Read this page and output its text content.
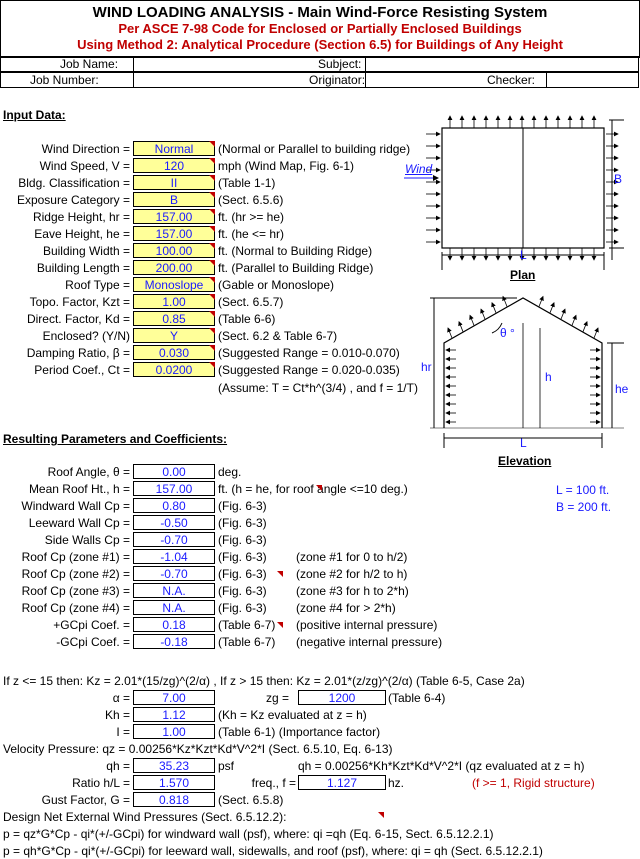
WIND LOADING ANALYSIS - Main Wind-Force Resisting System
Per ASCE 7-98 Code for Enclosed or Partially Enclosed Buildings
Using Method 2: Analytical Procedure (Section 6.5) for Buildings of Any Height
Job Name:	Subject:
Job Number:	Originator:	Checker:
Input Data:
Wind Direction =	Normal	(Normal or Parallel to building ridge)
Wind Speed, V =	120	mph (Wind Map, Fig. 6-1)
Bldg. Classification =	II	(Table 1-1)
Exposure Category =	B	(Sect. 6.5.6)
Ridge Height, hr =	157.00	ft. (hr >= he)
Eave Height, he =	157.00	ft. (he <= hr)
Building Width =	100.00	ft. (Normal to Building Ridge)
Building Length =	200.00	ft. (Parallel to Building Ridge)
Roof Type =	Monoslope	(Gable or Monoslope)
Topo. Factor, Kzt =	1.00	(Sect. 6.5.7)
Direct. Factor, Kd =	0.85	(Table 6-6)
Enclosed? (Y/N)	Y	(Sect. 6.2 & Table 6-7)
Damping Ratio, β =	0.030	(Suggested Range = 0.010-0.070)
Period Coef., Ct =	0.0200	(Suggested Range = 0.020-0.035)
(Assume: T = Ct*h^(3/4) , and f = 1/T)
Resulting Parameters and Coefficients:
Roof Angle, θ =	0.00	deg.
Mean Roof Ht., h =	157.00	ft. (h = he, for roof angle <=10 deg.)
Windward Wall Cp =	0.80	(Fig. 6-3)
Leeward Wall Cp =	-0.50	(Fig. 6-3)
Side Walls Cp =	-0.70	(Fig. 6-3)
Roof Cp (zone #1) =	-1.04	(Fig. 6-3) (zone #1 for 0 to h/2)
Roof Cp (zone #2) =	-0.70	(Fig. 6-3) (zone #2 for h/2 to h)
Roof Cp (zone #3) =	N.A.	(Fig. 6-3) (zone #3 for h to 2*h)
Roof Cp (zone #4) =	N.A.	(Fig. 6-3) (zone #4 for > 2*h)
+GCpi Coef. =	0.18	(Table 6-7) (positive internal pressure)
-GCpi Coef. =	-0.18	(Table 6-7) (negative internal pressure)
L = 100 ft.
B = 200 ft.
If z <= 15 then: Kz = 2.01*(15/zg)^(2/α) , If z > 15 then: Kz = 2.01*(z/zg)^(2/α) (Table 6-5, Case 2a)
α =	7.00	zg =	1200	(Table 6-4)
Kh =	1.12	(Kh = Kz evaluated at z = h)
I =	1.00	(Table 6-1) (Importance factor)
Velocity Pressure: qz = 0.00256*Kz*Kzt*Kd*V^2*I (Sect. 6.5.10, Eq. 6-13)
qh =	35.23	psf	qh = 0.00256*Kh*Kzt*Kd*V^2*I (qz evaluated at z = h)
Ratio h/L =	1.570	freq., f =	1.127	hz.	(f >= 1, Rigid structure)
Gust Factor, G =	0.818	(Sect. 6.5.8)
Design Net External Wind Pressures (Sect. 6.5.12.2):
p = qz*G*Cp - qi*(+/-GCpi) for windward wall (psf), where: qi =qh (Eq. 6-15, Sect. 6.5.12.2.1)
p = qh*G*Cp - qi*(+/-GCpi) for leeward wall, sidewalls, and roof (psf), where: qi = qh (Sect. 6.5.12.2.1)
Wind
B
L
Plan
θ °
hr
h
he
L
Elevation
